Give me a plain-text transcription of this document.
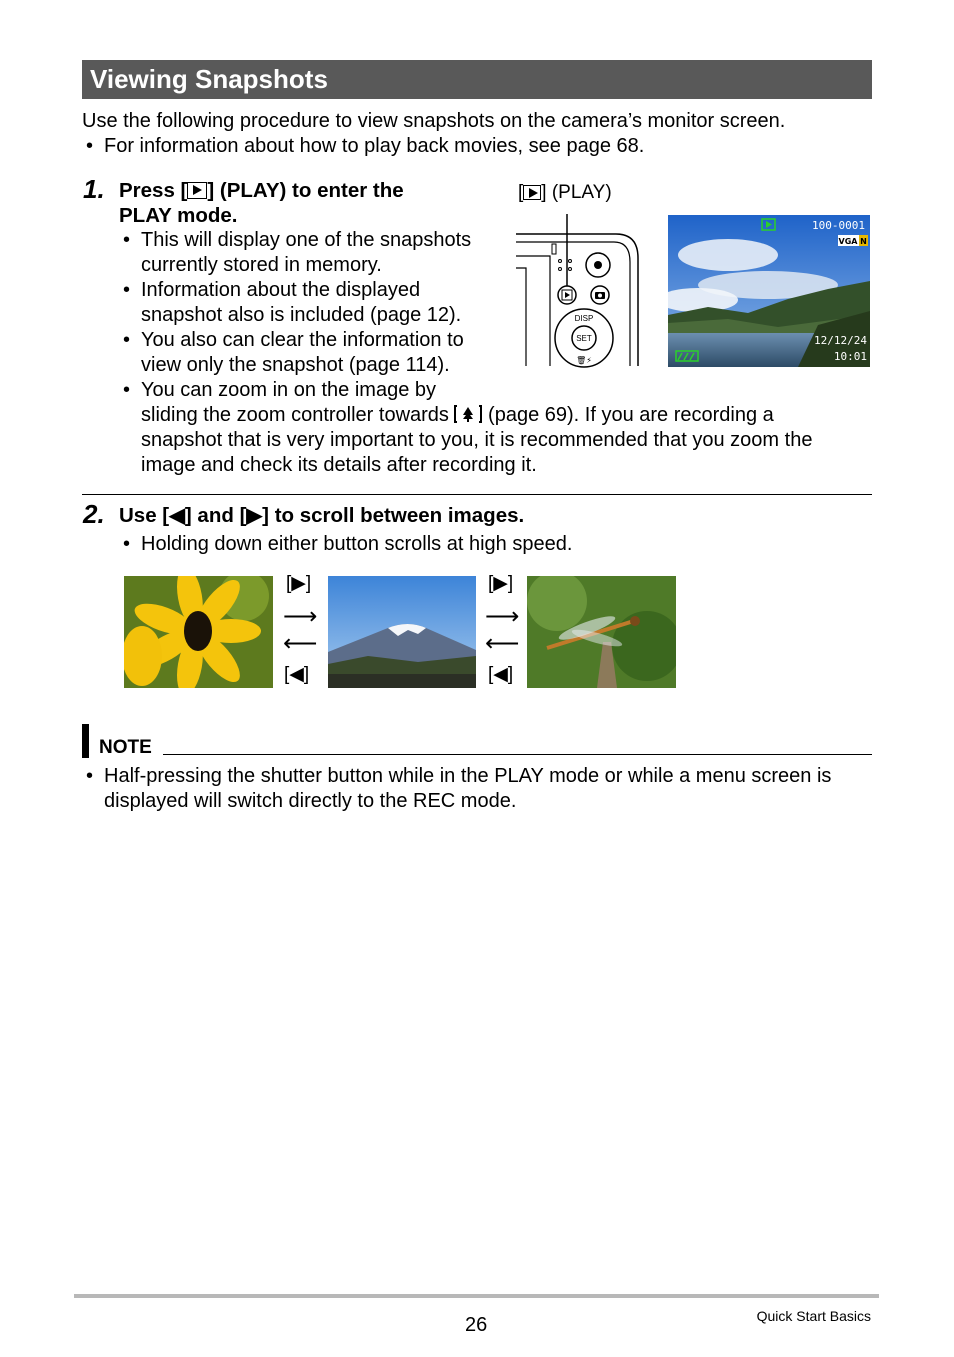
Viewing Snapshots
Use the following procedure to view snapshots on the camera’s monitor screen.
• For information about how to play back movies, see page 68.
1. Press [ ] (PLAY) to enter the
PLAY mode.
• This will display one of the snapshots
currently stored in memory.
• Information about the displayed
snapshot also is included (page 12).
• You also can clear the information to
view only the snapshot (page 114).
• You can zoom in on the image by
sliding the zoom controller towards (page 69). If you are recording a
snapshot that is very important to you, it is recommended that you zoom the
image and check its details after recording it.
[ ] (PLAY)
DISP
SET
🗑⚡
100-0001
VGA N
12/12/24
10:01
2. Use [◀] and [▶] to scroll between images.
• Holding down either button scrolls at high speed.
[▶]
⟶
⟵
[◀]
[▶]
⟶
⟵
[◀]
NOTE
• Half-pressing the shutter button while in the PLAY mode or while a menu screen is
displayed will switch directly to the REC mode.
26	Quick Start Basics
